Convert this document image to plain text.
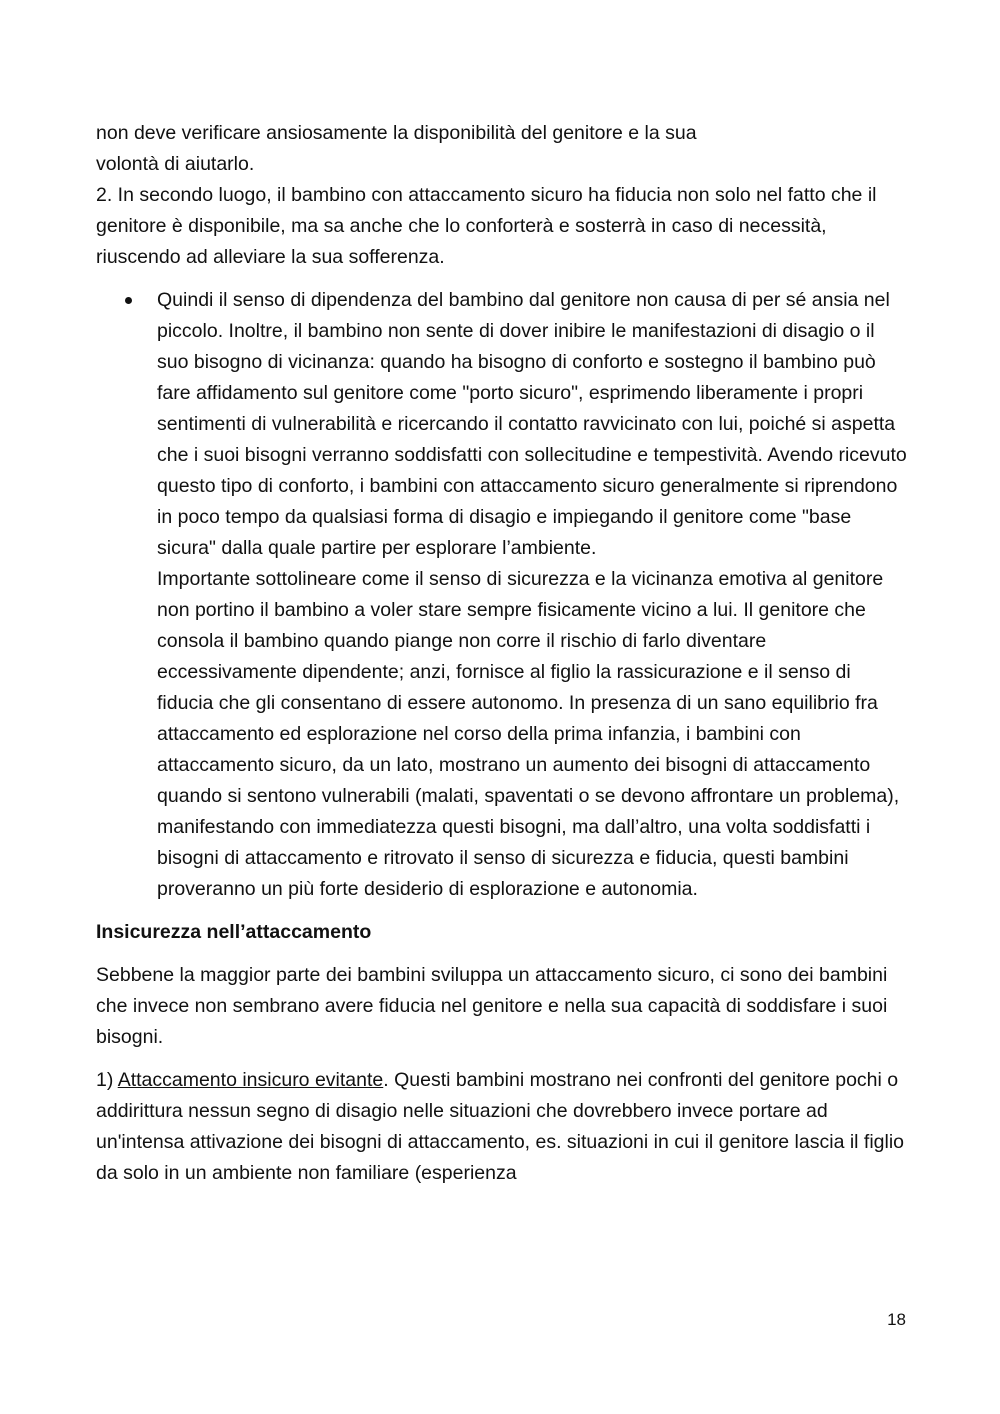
non deve verificare ansiosamente la disponibilità del genitore e la sua

volontà di aiutarlo.

2. In secondo luogo, il bambino con attaccamento sicuro ha fiducia non solo nel fatto che il genitore è disponibile, ma sa anche che lo conforterà e sosterrà in caso di necessità, riuscendo ad alleviare la sua sofferenza.

Quindi il senso di dipendenza del bambino dal genitore non causa di per sé ansia nel piccolo. Inoltre, il bambino non sente di dover inibire le manifestazioni di disagio o il suo bisogno di vicinanza: quando ha bisogno di conforto e sostegno il bambino può fare affidamento sul genitore come "porto sicuro", esprimendo liberamente i propri sentimenti di vulnerabilità e ricercando il contatto ravvicinato con lui, poiché si aspetta che i suoi bisogni verranno soddisfatti con sollecitudine e tempestività. Avendo ricevuto questo tipo di conforto, i bambini con attaccamento sicuro generalmente si riprendono in poco tempo da qualsiasi forma di disagio e impiegando il genitore come "base sicura" dalla quale partire per esplorare l’ambiente.

Importante sottolineare come il senso di sicurezza e la vicinanza emotiva al genitore non portino il bambino a voler stare sempre fisicamente vicino a lui. Il genitore che consola il bambino quando piange non corre il rischio di farlo diventare eccessivamente dipendente; anzi, fornisce al figlio la rassicurazione e il senso di fiducia che gli consentano di essere autonomo. In presenza di un sano equilibrio fra attaccamento ed esplorazione nel corso della prima infanzia, i bambini con attaccamento sicuro, da un lato, mostrano un aumento dei bisogni di attaccamento quando si sentono vulnerabili (malati, spaventati o se devono affrontare un problema), manifestando con immediatezza questi bisogni, ma dall’altro, una volta soddisfatti i bisogni di attaccamento e ritrovato il senso di sicurezza e fiducia, questi bambini proveranno un più forte desiderio di esplorazione e autonomia.

Insicurezza nell’attaccamento

Sebbene la maggior parte dei bambini sviluppa un attaccamento sicuro, ci sono dei bambini che invece non sembrano avere fiducia nel genitore e nella sua capacità di soddisfare i suoi bisogni.

1) Attaccamento insicuro evitante. Questi bambini mostrano nei confronti del genitore pochi o addirittura nessun segno di disagio nelle situazioni che dovrebbero invece portare ad un'intensa attivazione dei bisogni di attaccamento, es. situazioni in cui il genitore lascia il figlio da solo in un ambiente non familiare (esperienza

18
